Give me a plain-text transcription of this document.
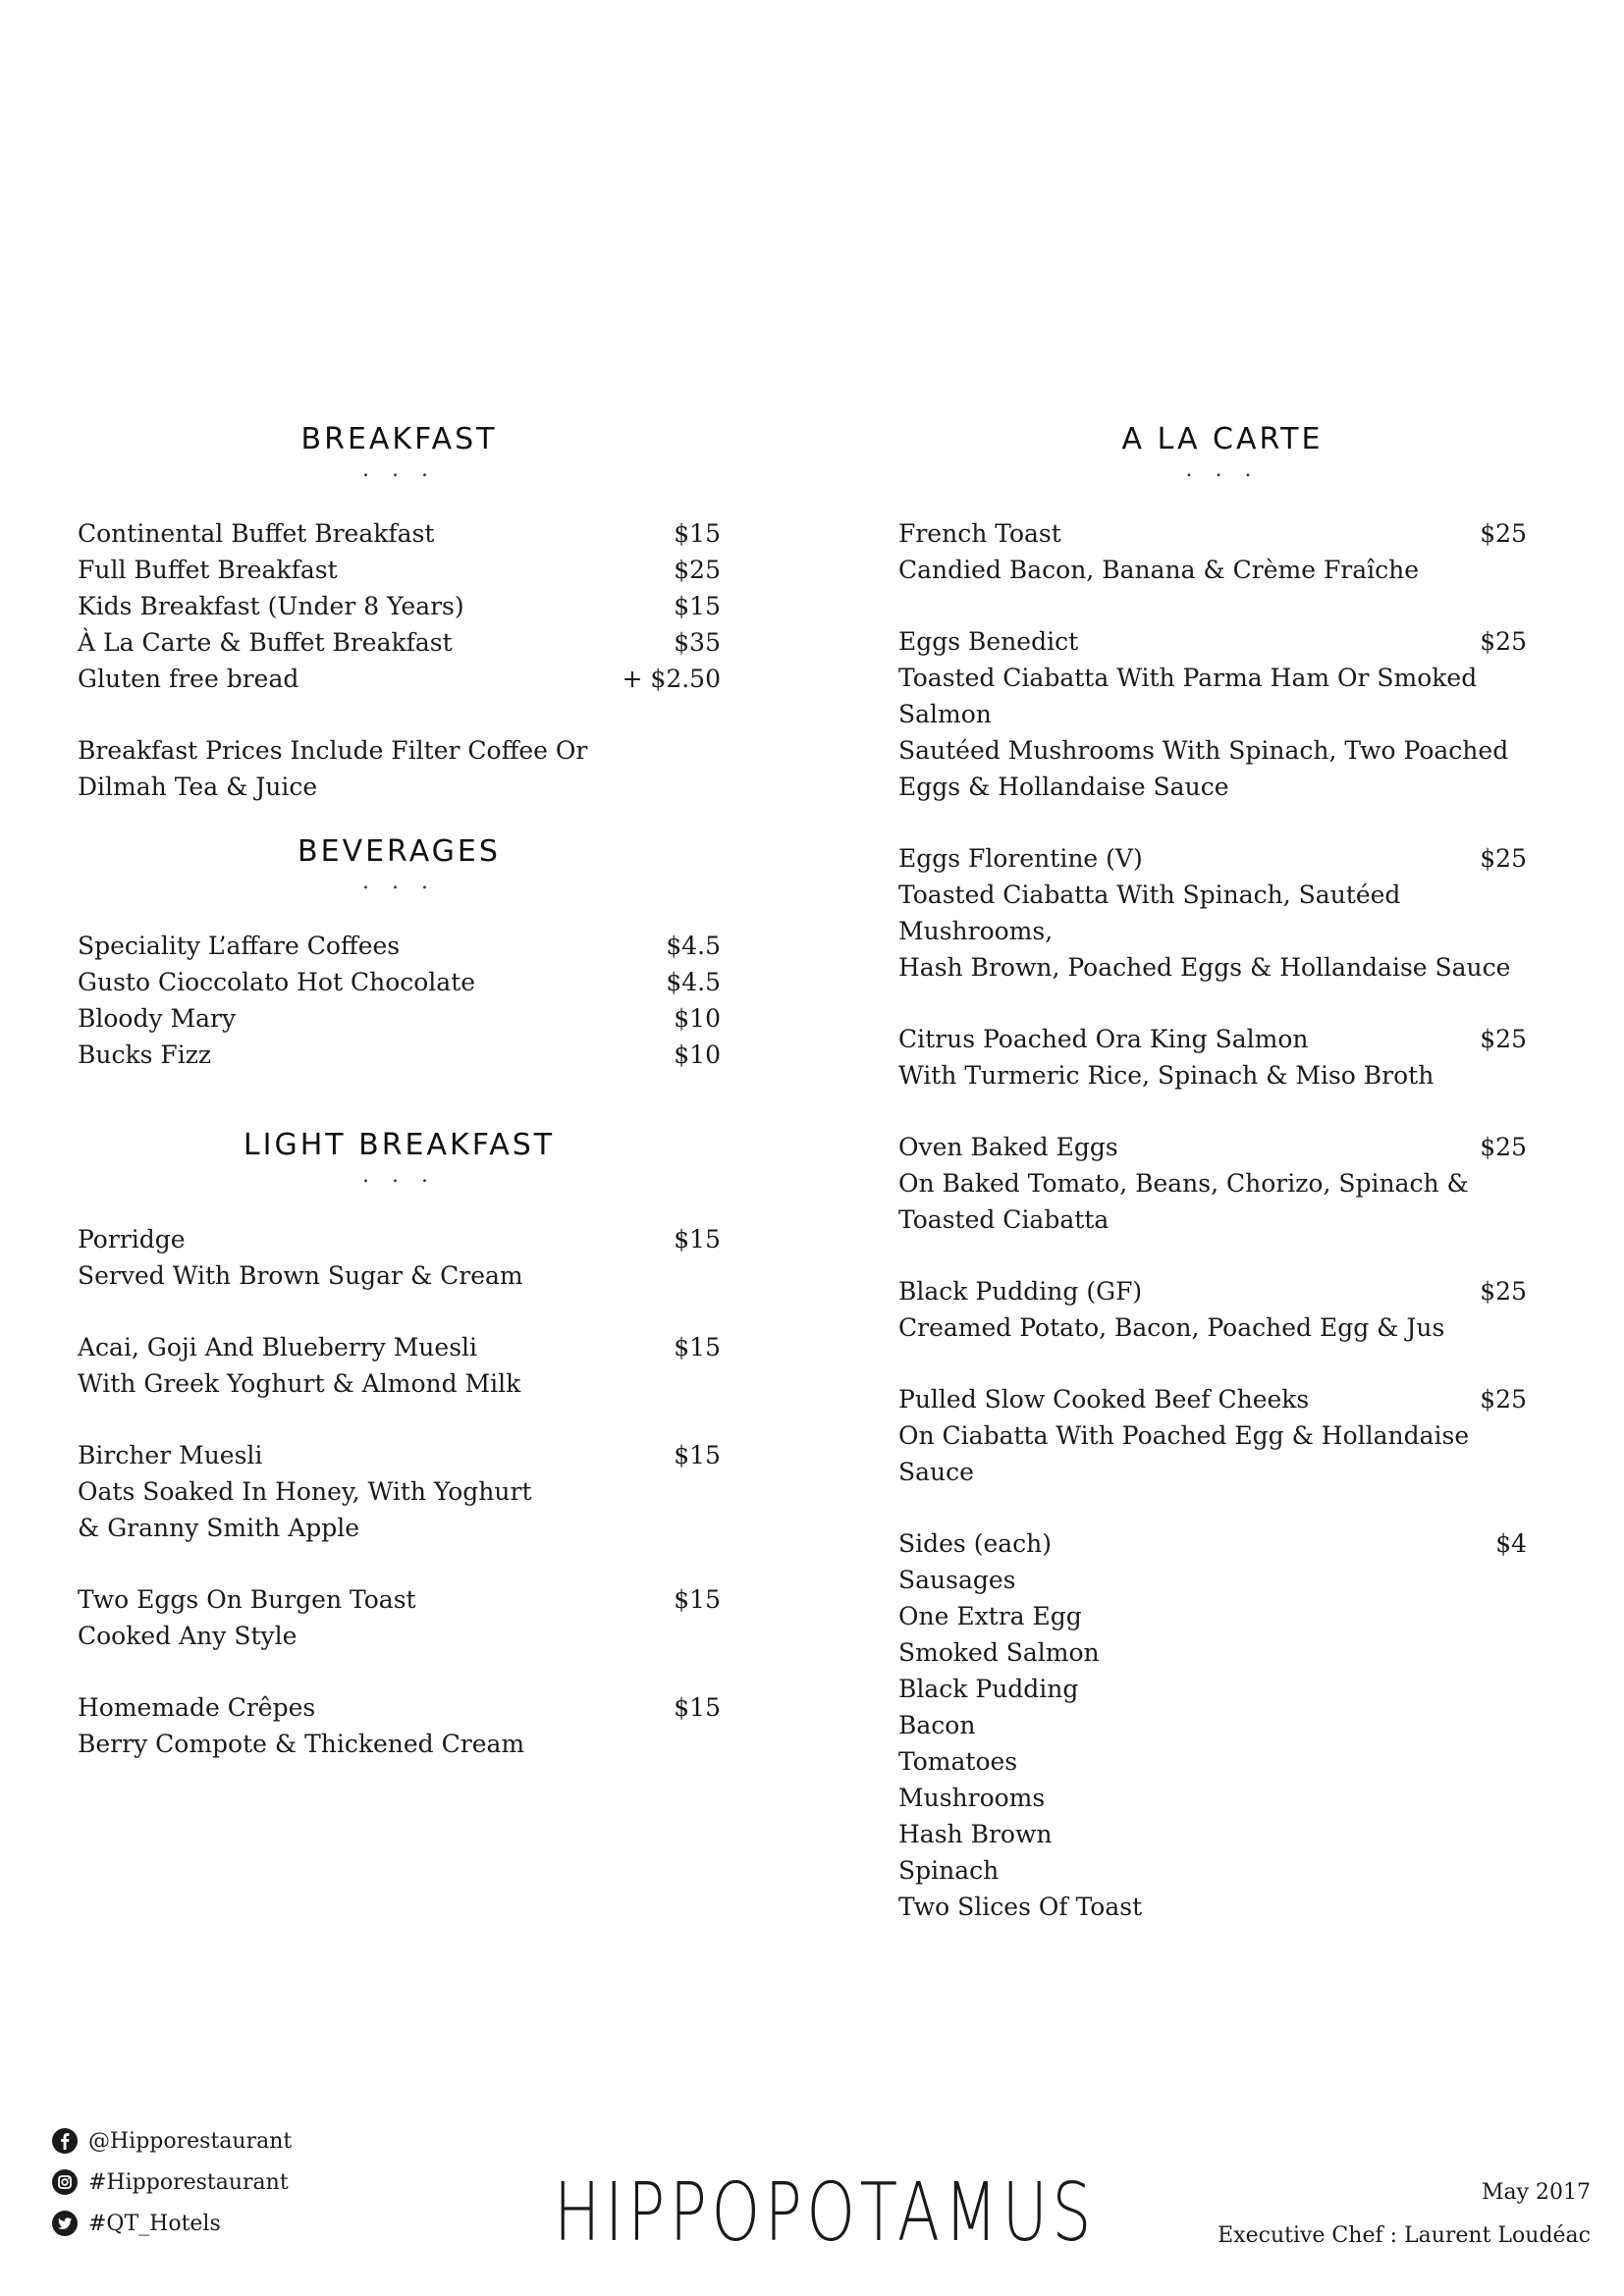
BREAKFAST
. . .
Continental Buffet Breakfast	$15
Full Buffet Breakfast	$25
Kids Breakfast (Under 8 Years)	$15
À La Carte & Buffet Breakfast	$35
Gluten free bread	+ $2.50
Breakfast Prices Include Filter Coffee Or
Dilmah Tea & Juice
BEVERAGES
. . .
Speciality L’affare Coffees	$4.5
Gusto Cioccolato Hot Chocolate	$4.5
Bloody Mary	$10
Bucks Fizz	$10
LIGHT BREAKFAST
. . .
Porridge	$15
Served With Brown Sugar & Cream
Acai, Goji And Blueberry Muesli	$15
With Greek Yoghurt & Almond Milk
Bircher Muesli	$15
Oats Soaked In Honey, With Yoghurt
& Granny Smith Apple
Two Eggs On Burgen Toast	$15
Cooked Any Style
Homemade Crêpes	$15
Berry Compote & Thickened Cream
A LA CARTE
. . .
French Toast	$25
Candied Bacon, Banana & Crème Fraîche
Eggs Benedict	$25
Toasted Ciabatta With Parma Ham Or Smoked Salmon
Sautéed Mushrooms With Spinach, Two Poached
Eggs & Hollandaise Sauce
Eggs Florentine (V)	$25
Toasted Ciabatta With Spinach, Sautéed Mushrooms,
Hash Brown, Poached Eggs & Hollandaise Sauce
Citrus Poached Ora King Salmon	$25
With Turmeric Rice, Spinach & Miso Broth
Oven Baked Eggs	$25
On Baked Tomato, Beans, Chorizo, Spinach &
Toasted Ciabatta
Black Pudding (GF)	$25
Creamed Potato, Bacon, Poached Egg & Jus
Pulled Slow Cooked Beef Cheeks	$25
On Ciabatta With Poached Egg & Hollandaise Sauce
Sides (each)	$4
Sausages
One Extra Egg
Smoked Salmon
Black Pudding
Bacon
Tomatoes
Mushrooms
Hash Brown
Spinach
Two Slices Of Toast
@Hipporestaurant
#Hipporestaurant
#QT_Hotels	HIPPOPOTAMUS	May 2017
Executive Chef : Laurent Loudéac
